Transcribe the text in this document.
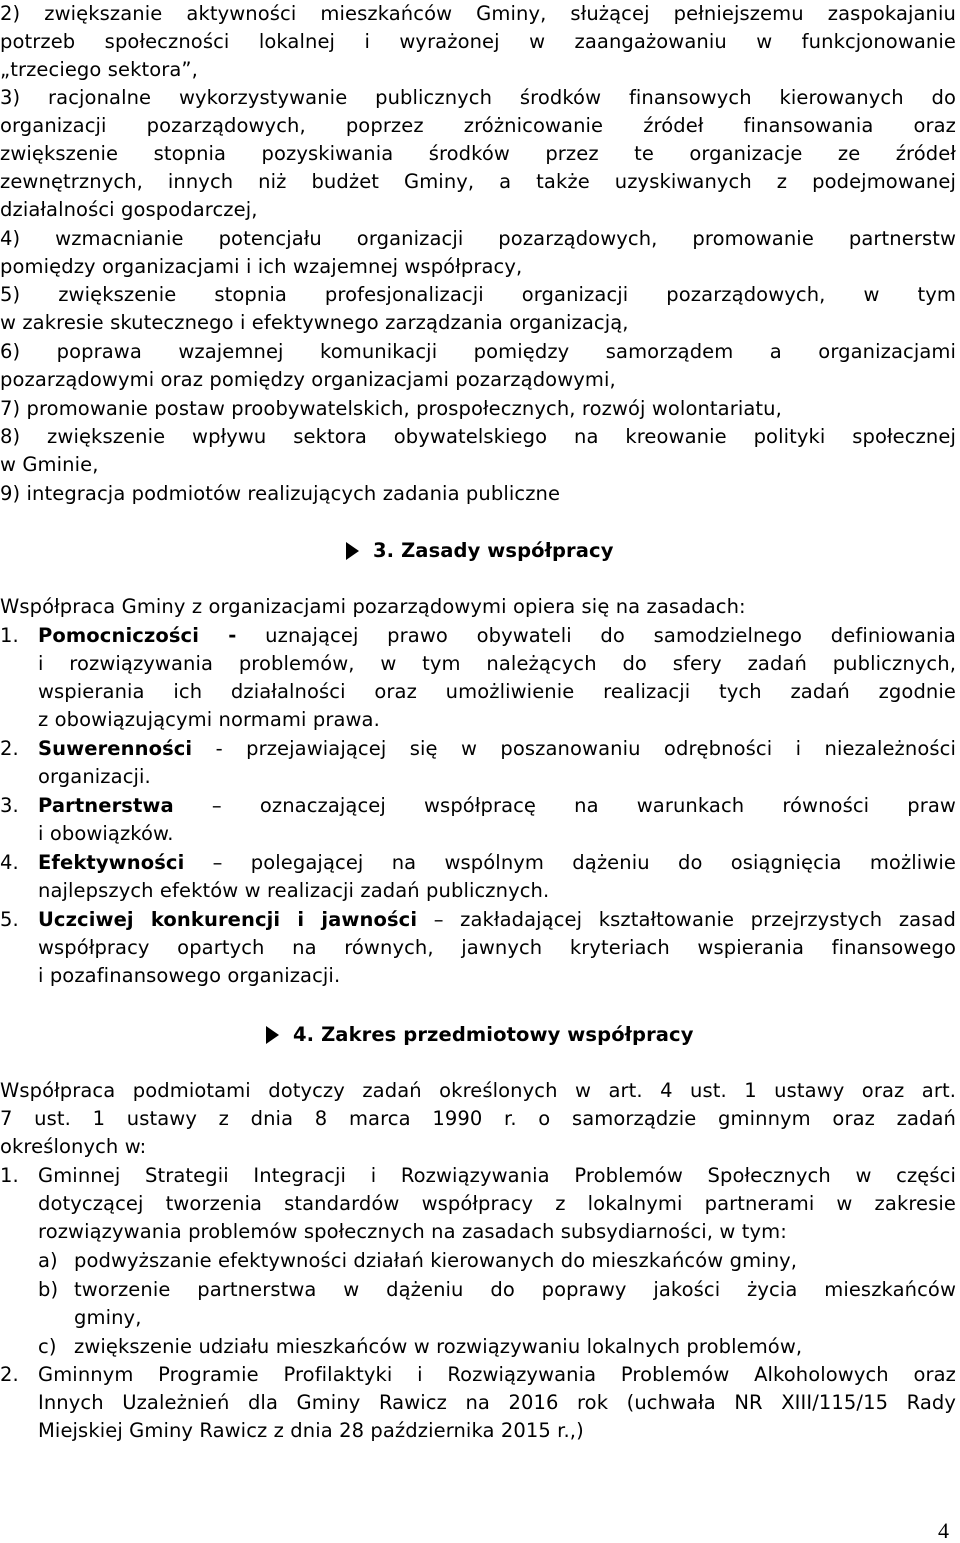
2) zwiększanie aktywności mieszkańców Gminy, służącej pełniejszemu zaspokajaniu
potrzeb społeczności lokalnej i wyrażonej w zaangażowaniu w funkcjonowanie
„trzeciego sektora”,
3) racjonalne wykorzystywanie publicznych środków finansowych kierowanych do
organizacji pozarządowych, poprzez zróżnicowanie źródeł finansowania oraz
zwiększenie stopnia pozyskiwania środków przez te organizacje ze źródeł
zewnętrznych, innych niż budżet Gminy, a także uzyskiwanych z podejmowanej
działalności gospodarczej,
4) wzmacnianie potencjału organizacji pozarządowych, promowanie partnerstw
pomiędzy organizacjami i ich wzajemnej współpracy,
5) zwiększenie stopnia profesjonalizacji organizacji pozarządowych, w tym
w zakresie skutecznego i efektywnego zarządzania organizacją,
6) poprawa wzajemnej komunikacji pomiędzy samorządem a organizacjami
pozarządowymi oraz pomiędzy organizacjami pozarządowymi,
7) promowanie postaw proobywatelskich, prospołecznych, rozwój wolontariatu,
8) zwiększenie wpływu sektora obywatelskiego na kreowanie polityki społecznej
w Gminie,
9) integracja podmiotów realizujących zadania publiczne
3. Zasady współpracy
Współpraca Gminy z organizacjami pozarządowymi opiera się na zasadach:
1. Pomocniczości - uznającej prawo obywateli do samodzielnego definiowania
i rozwiązywania problemów, w tym należących do sfery zadań publicznych,
wspierania ich działalności oraz umożliwienie realizacji tych zadań zgodnie
z obowiązującymi normami prawa.
2. Suwerenności - przejawiającej się w poszanowaniu odrębności i niezależności
organizacji.
3. Partnerstwa – oznaczającej współpracę na warunkach równości praw
i obowiązków.
4. Efektywności – polegającej na wspólnym dążeniu do osiągnięcia możliwie
najlepszych efektów w realizacji zadań publicznych.
5. Uczciwej konkurencji i jawności – zakładającej kształtowanie przejrzystych zasad
współpracy opartych na równych, jawnych kryteriach wspierania finansowego
i pozafinansowego organizacji.
4. Zakres przedmiotowy współpracy
Współpraca podmiotami dotyczy zadań określonych w art. 4 ust. 1 ustawy oraz art.
7 ust. 1 ustawy z dnia 8 marca 1990 r. o samorządzie gminnym oraz zadań
określonych w:
1. Gminnej Strategii Integracji i Rozwiązywania Problemów Społecznych w części
dotyczącej tworzenia standardów współpracy z lokalnymi partnerami w zakresie
rozwiązywania problemów społecznych na zasadach subsydiarności, w tym:
a) podwyższanie efektywności działań kierowanych do mieszkańców gminy,
b) tworzenie partnerstwa w dążeniu do poprawy jakości życia mieszkańców
gminy,
c) zwiększenie udziału mieszkańców w rozwiązywaniu lokalnych problemów,
2. Gminnym Programie Profilaktyki i Rozwiązywania Problemów Alkoholowych oraz
Innych Uzależnień dla Gminy Rawicz na 2016 rok (uchwała NR XIII/115/15 Rady
Miejskiej Gminy Rawicz z dnia 28 października 2015 r.,)
4
